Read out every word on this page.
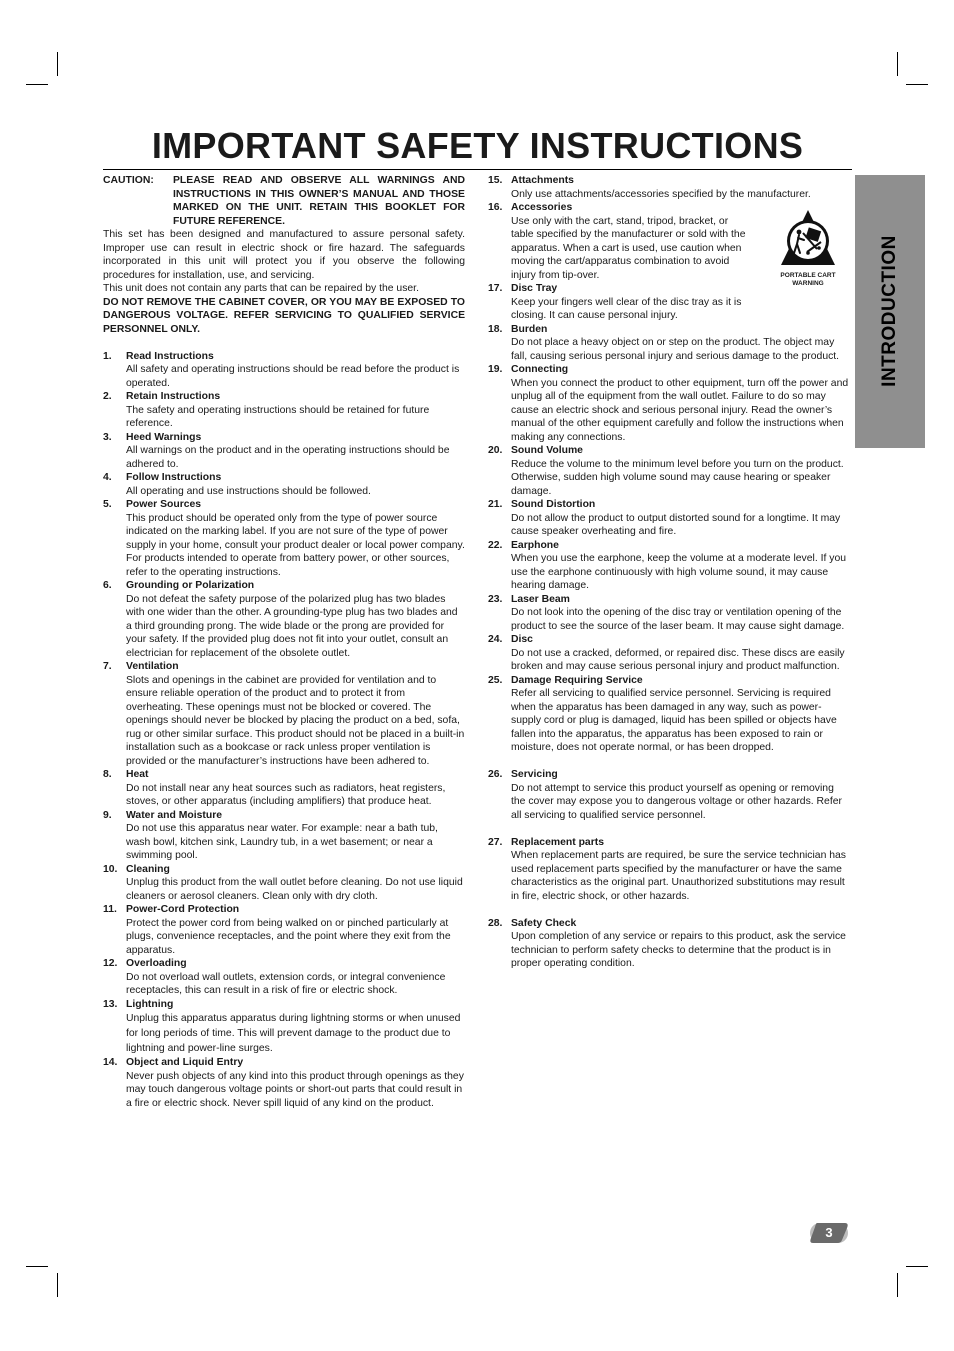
IMPORTANT SAFETY INSTRUCTIONS
CAUTION:	PLEASE READ AND OBSERVE ALL WARNINGS AND INSTRUCTIONS IN THIS OWNER’S MANUAL AND THOSE MARKED ON THE UNIT. RETAIN THIS BOOKLET FOR FUTURE REFERENCE.

This set has been designed and manufactured to assure personal safety. Improper use can result in electric shock or fire hazard. The safeguards incorporated in this unit will protect you if you observe the following procedures for installation, use, and servicing.

This unit does not contain any parts that can be repaired by the user.

DO NOT REMOVE THE CABINET COVER, OR YOU MAY BE EXPOSED TO DANGEROUS VOLTAGE. REFER SERVICING TO QUALIFIED SERVICE PERSONNEL ONLY.

1. Read Instructions
All safety and operating instructions should be read before the product is operated.
2. Retain Instructions
The safety and operating instructions should be retained for future reference.
3. Heed Warnings
All warnings on the product and in the operating instructions should be adhered to.
4. Follow Instructions
All operating and use instructions should be followed.
5. Power Sources
This product should be operated only from the type of power source indicated on the marking label. If you are not sure of the type of power supply in your home, consult your product dealer or local power company. For products intended to operate from battery power, or other sources, refer to the operating instructions.
6. Grounding or Polarization
Do not defeat the safety purpose of the polarized plug has two blades with one wider than the other. A grounding-type plug has two blades and a third grounding prong. The wide blade or the prong are provided for your safety. If the provided plug does not fit into your outlet, consult an electrician for replacement of the obsolete outlet.
7. Ventilation
Slots and openings in the cabinet are provided for ventilation and to ensure reliable operation of the product and to protect it from overheating. These openings must not be blocked or covered. The openings should never be blocked by placing the product on a bed, sofa, rug or other similar surface. This product should not be placed in a built-in installation such as a bookcase or rack unless proper ventilation is provided or the manufacturer’s instructions have been adhered to.
8. Heat
Do not install near any heat sources such as radiators, heat registers, stoves, or other apparatus (including amplifiers) that produce heat.
9. Water and Moisture
Do not use this apparatus near water. For example: near a bath tub, wash bowl, kitchen sink, Laundry tub, in a wet basement; or near a swimming pool.
10. Cleaning
Unplug this product from the wall outlet before cleaning. Do not use liquid cleaners or aerosol cleaners. Clean only with dry cloth.
11. Power-Cord Protection
Protect the power cord from being walked on or pinched particularly at plugs, convenience receptacles, and the point where they exit from the apparatus.
12. Overloading
Do not overload wall outlets, extension cords, or integral convenience receptacles, this can result in a risk of fire or electric shock.
13. Lightning
Unplug this apparatus apparatus during lightning storms or when unused for long periods of time. This will prevent damage to the product due to lightning and power-line surges.
14. Object and Liquid Entry
Never push objects of any kind into this product through openings as they may touch dangerous voltage points or short-out parts that could result in a fire or electric shock. Never spill liquid of any kind on the product.
15. Attachments
Only use attachments/accessories specified by the manufacturer.
16. Accessories
Use only with the cart, stand, tripod, bracket, or table specified by the manufacturer or sold with the apparatus. When a cart is used, use caution when moving the cart/apparatus combination to avoid injury from tip-over.
17. Disc Tray
Keep your fingers well clear of the disc tray as it is closing. It can cause personal injury.
18. Burden
Do not place a heavy object on or step on the product. The object may fall, causing serious personal injury and serious damage to the product.
19. Connecting
When you connect the product to other equipment, turn off the power and unplug all of the equipment from the wall outlet. Failure to do so may cause an electric shock and serious personal injury. Read the owner’s manual of the other equipment carefully and follow the instructions when making any connections.
20. Sound Volume
Reduce the volume to the minimum level before you turn on the product. Otherwise, sudden high volume sound may cause hearing or speaker damage.
21. Sound Distortion
Do not allow the product to output distorted sound for a longtime. It may cause speaker overheating and fire.
22. Earphone
When you use the earphone, keep the volume at a moderate level. If you use the earphone continuously with high volume sound, it may cause hearing damage.
23. Laser Beam
Do not look into the opening of the disc tray or ventilation opening of the product to see the source of the laser beam. It may cause sight damage.
24. Disc
Do not use a cracked, deformed, or repaired disc. These discs are easily broken and may cause serious personal injury and product malfunction.
25. Damage Requiring Service
Refer all servicing to qualified service personnel. Servicing is required when the apparatus has been damaged in any way, such as power-supply cord or plug is damaged, liquid has been spilled or objects have fallen into the apparatus, the apparatus has been exposed to rain or moisture, does not operate normal, or has been dropped.
26. Servicing
Do not attempt to service this product yourself as opening or removing the cover may expose you to dangerous voltage or other hazards. Refer all servicing to qualified service personnel.
27. Replacement parts
When replacement parts are required, be sure the service technician has used replacement parts specified by the manufacturer or have the same characteristics as the original part. Unauthorized substitutions may result in fire, electric shock, or other hazards.
28. Safety Check
Upon completion of any service or repairs to this product, ask the service technician to perform safety checks to determine that the product is in proper operating condition.
PORTABLE CART WARNING	INTRODUCTION
3
